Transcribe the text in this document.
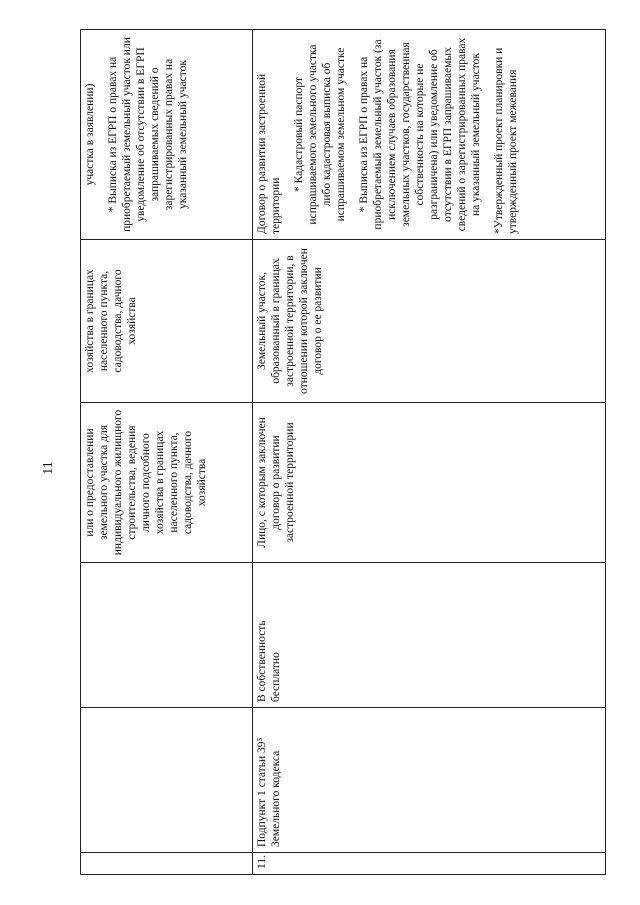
11
				или о предоставлении земельного участка для индивидуального жилищного строительства, ведения личного подсобного хозяйства в границах населенного пункта, садоводства, дачного хозяйства	хозяйства в границах населенного пункта, садоводства, дачного хозяйства	участка в заявлении) * Выписка из ЕГРП о правах на приобретаемый земельный участок или уведомление об отсутствии в ЕГРП запрашиваемых сведений о зарегистрированных правах на указанный земельный участок

11.	Подпункт 1 статьи 39⁵ Земельного кодекса	В собственность бесплатно	Лицо, с которым заключен договор о развитии застроенной территории	Земельный участок, образованный в границах застроенной территории, в отношении которой заключен договор о ее развитии	Договор о развитии застроенной территории
* Кадастровый паспорт испрашиваемого земельного участка либо кадастровая выписка об испрашиваемом земельном участке * Выписка из ЕГРП о правах на приобретаемый земельный участок (за исключением случаев образования земельных участков, государственная собственность на которые не разграничена) или уведомление об отсутствии в ЕГРП запрашиваемых сведений о зарегистрированных правах на указанный земельный участок *Утвержденный проект планировки и утвержденный проект межевания
